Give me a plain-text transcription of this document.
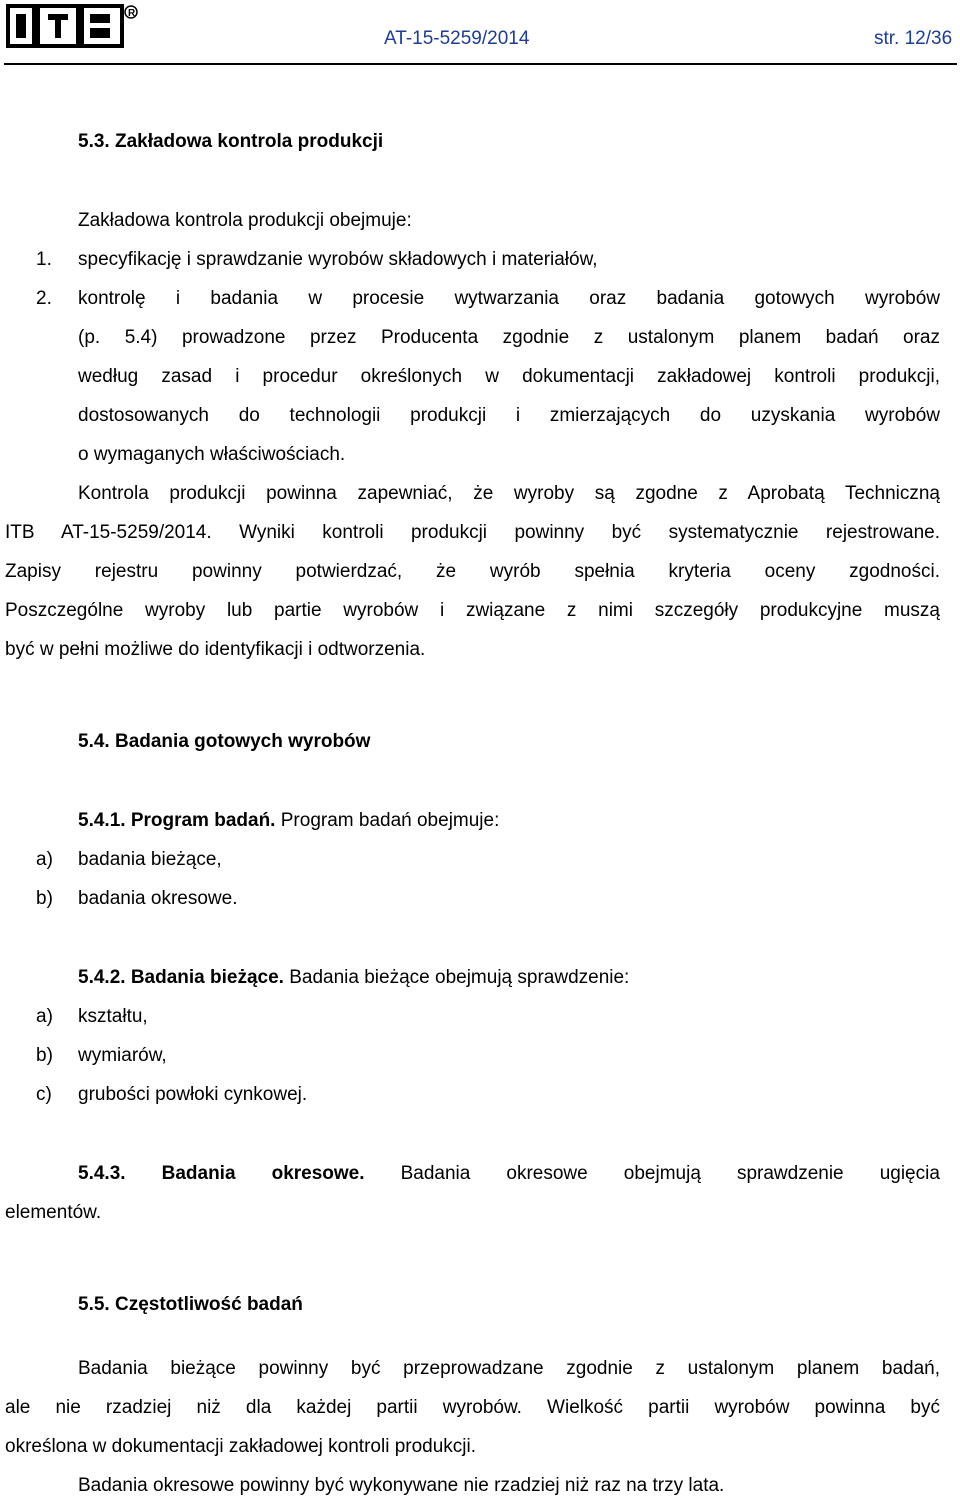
R
AT-15-5259/2014	str. 12/36
5.3. Zakładowa kontrola produkcji
Zakładowa kontrola produkcji obejmuje:
1. specyfikację i sprawdzanie wyrobów składowych i materiałów,
2. kontrolę i badania w procesie wytwarzania oraz badania gotowych wyrobów
(p. 5.4) prowadzone przez Producenta zgodnie z ustalonym planem badań oraz
według zasad i procedur określonych w dokumentacji zakładowej kontroli produkcji,
dostosowanych do technologii produkcji i zmierzających do uzyskania wyrobów
o wymaganych właściwościach.
Kontrola produkcji powinna zapewniać, że wyroby są zgodne z Aprobatą Techniczną
ITB AT-15-5259/2014. Wyniki kontroli produkcji powinny być systematycznie rejestrowane.
Zapisy rejestru powinny potwierdzać, że wyrób spełnia kryteria oceny zgodności.
Poszczególne wyroby lub partie wyrobów i związane z nimi szczegóły produkcyjne muszą
być w pełni możliwe do identyfikacji i odtworzenia.
5.4. Badania gotowych wyrobów
5.4.1. Program badań. Program badań obejmuje:
a) badania bieżące,
b) badania okresowe.
5.4.2. Badania bieżące. Badania bieżące obejmują sprawdzenie:
a) kształtu,
b) wymiarów,
c) grubości powłoki cynkowej.
5.4.3. Badania okresowe. Badania okresowe obejmują sprawdzenie ugięcia
elementów.
5.5. Częstotliwość badań
Badania bieżące powinny być przeprowadzane zgodnie z ustalonym planem badań,
ale nie rzadziej niż dla każdej partii wyrobów. Wielkość partii wyrobów powinna być
określona w dokumentacji zakładowej kontroli produkcji.
Badania okresowe powinny być wykonywane nie rzadziej niż raz na trzy lata.
